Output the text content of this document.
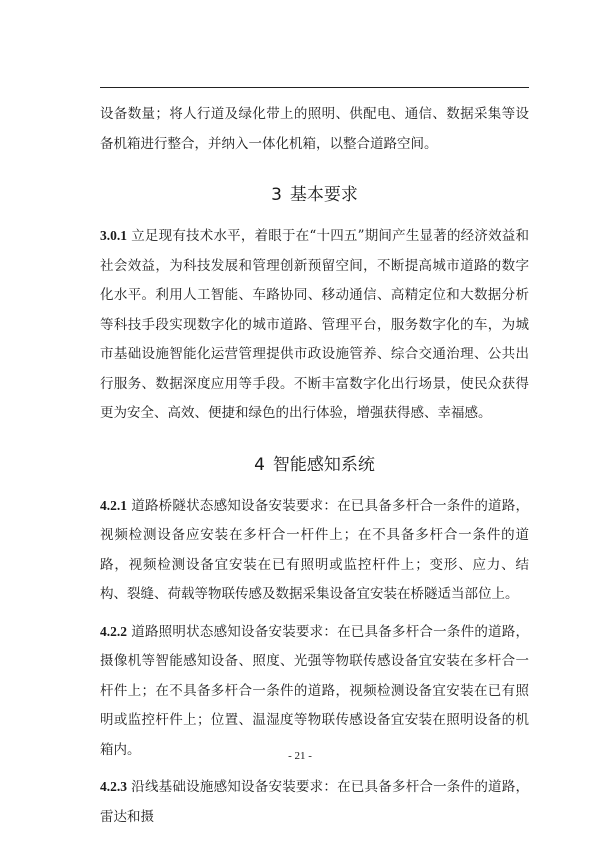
设备数量；将人行道及绿化带上的照明、供配电、通信、数据采集等设备机箱进行整合，并纳入一体化机箱，以整合道路空间。

3 基本要求

3.0.1 立足现有技术水平，着眼于在“十四五”期间产生显著的经济效益和社会效益，为科技发展和管理创新预留空间，不断提高城市道路的数字化水平。利用人工智能、车路协同、移动通信、高精定位和大数据分析等科技手段实现数字化的城市道路、管理平台，服务数字化的车，为城市基础设施智能化运营管理提供市政设施管养、综合交通治理、公共出行服务、数据深度应用等手段。不断丰富数字化出行场景，使民众获得更为安全、高效、便捷和绿色的出行体验，增强获得感、幸福感。

4 智能感知系统

4.2.1 道路桥隧状态感知设备安装要求：在已具备多杆合一条件的道路，视频检测设备应安装在多杆合一杆件上；在不具备多杆合一条件的道路，视频检测设备宜安装在已有照明或监控杆件上；变形、应力、结构、裂缝、荷载等物联传感及数据采集设备宜安装在桥隧适当部位上。

4.2.2 道路照明状态感知设备安装要求：在已具备多杆合一条件的道路，摄像机等智能感知设备、照度、光强等物联传感设备宜安装在多杆合一杆件上；在不具备多杆合一条件的道路，视频检测设备宜安装在已有照明或监控杆件上；位置、温湿度等物联传感设备宜安装在照明设备的机箱内。

4.2.3 沿线基础设施感知设备安装要求：在已具备多杆合一条件的道路，雷达和摄

- 21 -
